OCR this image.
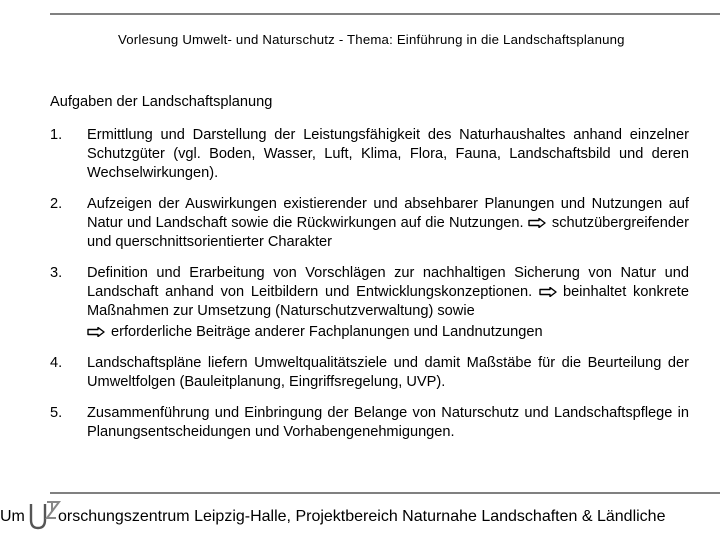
Vorlesung Umwelt- und Naturschutz - Thema: Einführung in die Landschaftsplanung
Aufgaben der Landschaftsplanung
1.	Ermittlung und Darstellung der Leistungsfähigkeit des Naturhaushaltes anhand einzelner Schutzgüter (vgl. Boden, Wasser, Luft, Klima, Flora, Fauna, Landschaftsbild und deren Wechselwirkungen).

2.	Aufzeigen der Auswirkungen existierender und absehbarer Planungen und Nutzungen auf Natur und Landschaft sowie die Rückwirkungen auf die Nutzungen. schutzübergreifender und querschnittsorientierter Charakter

3.	Definition und Erarbeitung von Vorschlägen zur nachhaltigen Sicherung von Natur und Landschaft anhand von Leitbildern und Entwicklungskonzeptionen. beinhaltet konkrete Maßnahmen zur Umsetzung (Naturschutzverwaltung) sowie

erforderliche Beiträge anderer Fachplanungen und Landnutzungen

4.	Landschaftspläne liefern Umweltqualitätsziele und damit Maßstäbe für die Beurteilung der Umweltfolgen (Bauleitplanung, Eingriffsregelung, UVP).

5.	Zusammenführung und Einbringung der Belange von Naturschutz und Landschaftspflege in Planungsentscheidungen und Vorhabengenehmigungen.

Um orschungszentrum Leipzig-Halle, Projektbereich Naturnahe Landschaften & Ländliche
